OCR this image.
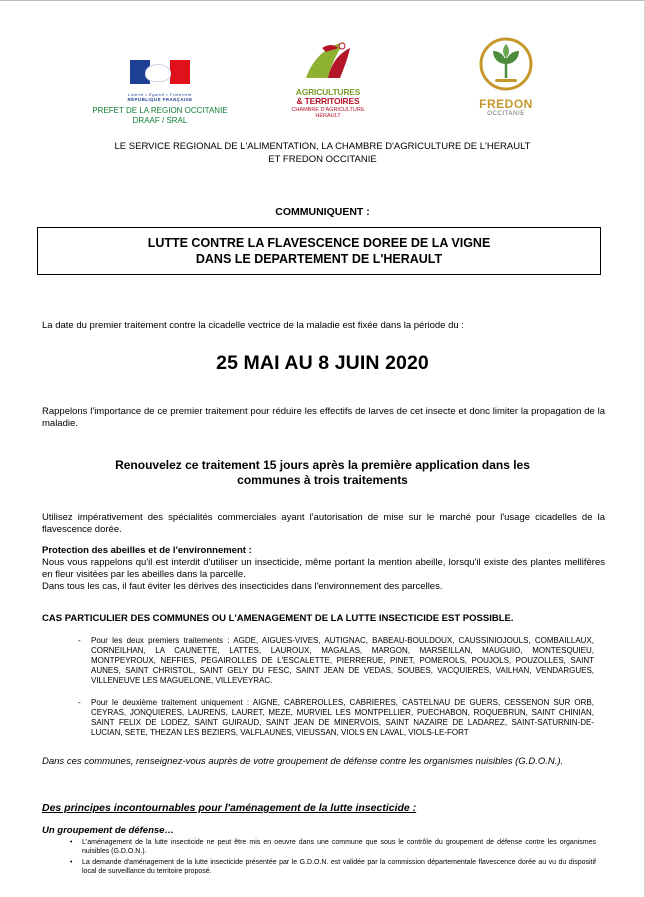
Liberté • Égalité • Fraternité
RÉPUBLIQUE FRANÇAISE
PREFET DE LA REGION OCCITANIE
DRAAF / SRAL
AGRICULTURES
& TERRITOIRES
CHAMBRE D'AGRICULTURE
HÉRAULT
FREDON
OCCITANIE

LE SERVICE REGIONAL DE L'ALIMENTATION, LA CHAMBRE D'AGRICULTURE DE L'HERAULT

ET FREDON OCCITANIE

COMMUNIQUENT :

LUTTE CONTRE LA FLAVESCENCE DOREE DE LA VIGNE
DANS LE DEPARTEMENT DE L'HERAULT

La date du premier traitement contre la cicadelle vectrice de la maladie est fixée dans la période du :

25 MAI AU 8 JUIN 2020

Rappelons l'importance de ce premier traitement pour réduire les effectifs de larves de cet insecte et donc limiter la propagation de la maladie.

Renouvelez ce traitement 15 jours après la première application dans les

communes à trois traitements

Utilisez impérativement des spécialités commerciales ayant l'autorisation de mise sur le marché pour l'usage cicadelles de la flavescence dorée.

Protection des abeilles et de l'environnement :

Nous vous rappelons qu'il est interdit d'utiliser un insecticide, même portant la mention abeille, lorsqu'il existe des plantes mellifères en fleur visitées par les abeilles dans la parcelle.

Dans tous les cas, il faut éviter les dérives des insecticides dans l'environnement des parcelles.

CAS PARTICULIER DES COMMUNES OU L'AMENAGEMENT DE LA LUTTE INSECTICIDE EST POSSIBLE.

- Pour les deux premiers traitements : AGDE, AIGUES-VIVES, AUTIGNAC, BABEAU-BOULDOUX, CAUSSINIOJOULS, COMBAILLAUX, CORNEILHAN, LA CAUNETTE, LATTES, LAUROUX, MAGALAS, MARGON, MARSEILLAN, MAUGUIO, MONTESQUIEU, MONTPEYROUX, NEFFIES, PEGAIROLLES DE L'ESCALETTE, PIERRERUE, PINET, POMEROLS, POUJOLS, POUZOLLES, SAINT AUNES, SAINT CHRISTOL, SAINT GELY DU FESC, SAINT JEAN DE VEDAS, SOUBES, VACQUIERES, VAILHAN, VENDARGUES, VILLENEUVE LES MAGUELONE, VILLEVEYRAC.
- Pour le deuxième traitement uniquement : AIGNE, CABREROLLES, CABRIERES, CASTELNAU DE GUERS, CESSENON SUR ORB, CEYRAS, JONQUIERES, LAURENS, LAURET, MEZE, MURVIEL LES MONTPELLIER, PUECHABON, ROQUEBRUN, SAINT CHINIAN, SAINT FELIX DE LODEZ, SAINT GUIRAUD, SAINT JEAN DE MINERVOIS, SAINT NAZAIRE DE LADAREZ, SAINT-SATURNIN-DE-LUCIAN, SETE, THEZAN LES BEZIERS, VALFLAUNES, VIEUSSAN, VIOLS EN LAVAL, VIOLS-LE-FORT

Dans ces communes, renseignez-vous auprès de votre groupement de défense contre les organismes nuisibles (G.D.O.N.).

Des principes incontournables pour l'aménagement de la lutte insecticide :

Un groupement de défense…

• L'aménagement de la lutte insecticide ne peut être mis en oeuvre dans une commune que sous le contrôle du groupement de défense contre les organismes nuisibles (G.D.O.N.).
• La demande d'aménagement de la lutte insecticide présentée par le G.D.O.N. est validée par la commission départementale flavescence dorée au vu du dispositif local de surveillance du territoire proposé.
